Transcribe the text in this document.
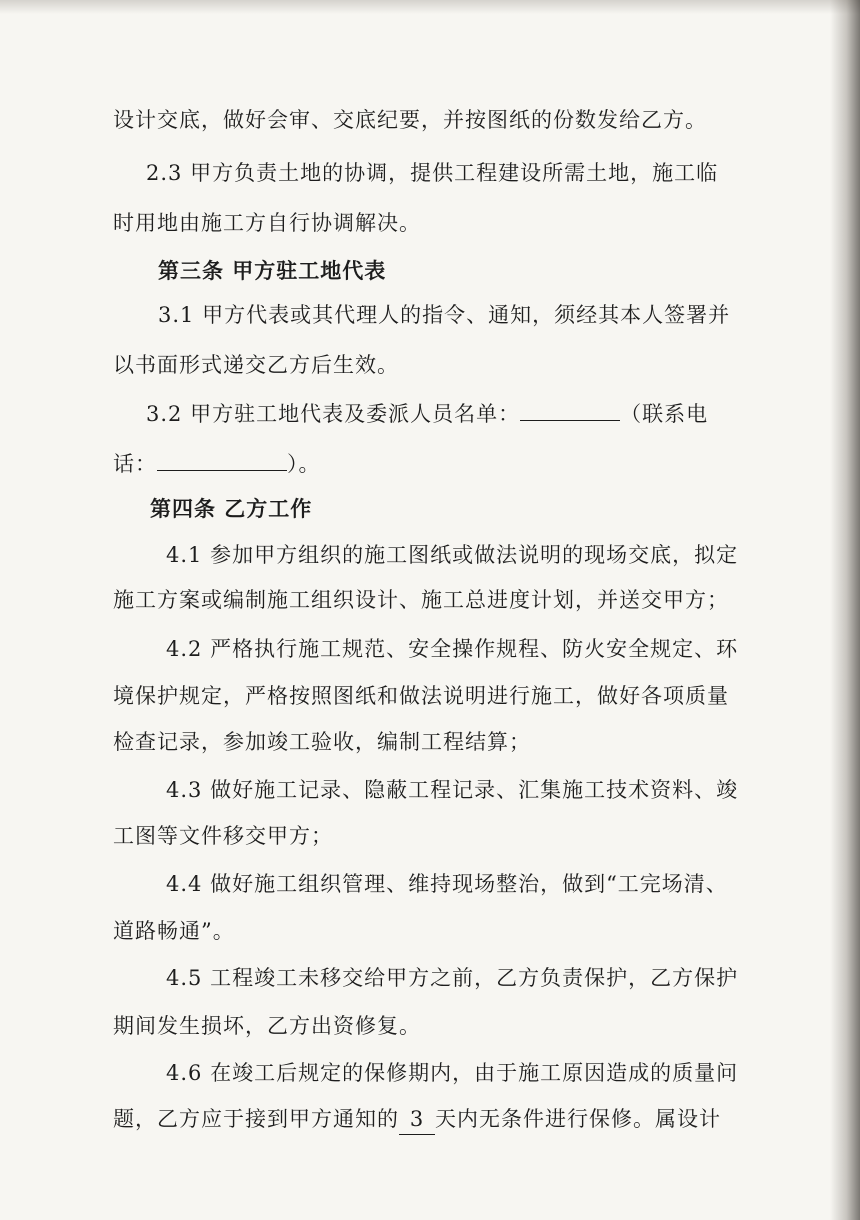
设计交底，做好会审、交底纪要，并按图纸的份数发给乙方。
2.3 甲方负责土地的协调，提供工程建设所需土地，施工临
时用地由施工方自行协调解决。
第三条 甲方驻工地代表
3.1 甲方代表或其代理人的指令、通知，须经其本人签署并
以书面形式递交乙方后生效。
3.2 甲方驻工地代表及委派人员名单：	（联系电
话：	）。
第四条 乙方工作
4.1 参加甲方组织的施工图纸或做法说明的现场交底，拟定
施工方案或编制施工组织设计、施工总进度计划，并送交甲方；
4.2 严格执行施工规范、安全操作规程、防火安全规定、环
境保护规定，严格按照图纸和做法说明进行施工，做好各项质量
检查记录，参加竣工验收，编制工程结算；
4.3 做好施工记录、隐蔽工程记录、汇集施工技术资料、竣
工图等文件移交甲方；
4.4 做好施工组织管理、维持现场整治，做到“工完场清、
道路畅通”。
4.5 工程竣工未移交给甲方之前，乙方负责保护，乙方保护
期间发生损坏，乙方出资修复。
4.6 在竣工后规定的保修期内，由于施工原因造成的质量问
题，乙方应于接到甲方通知的 3 天内无条件进行保修。属设计
